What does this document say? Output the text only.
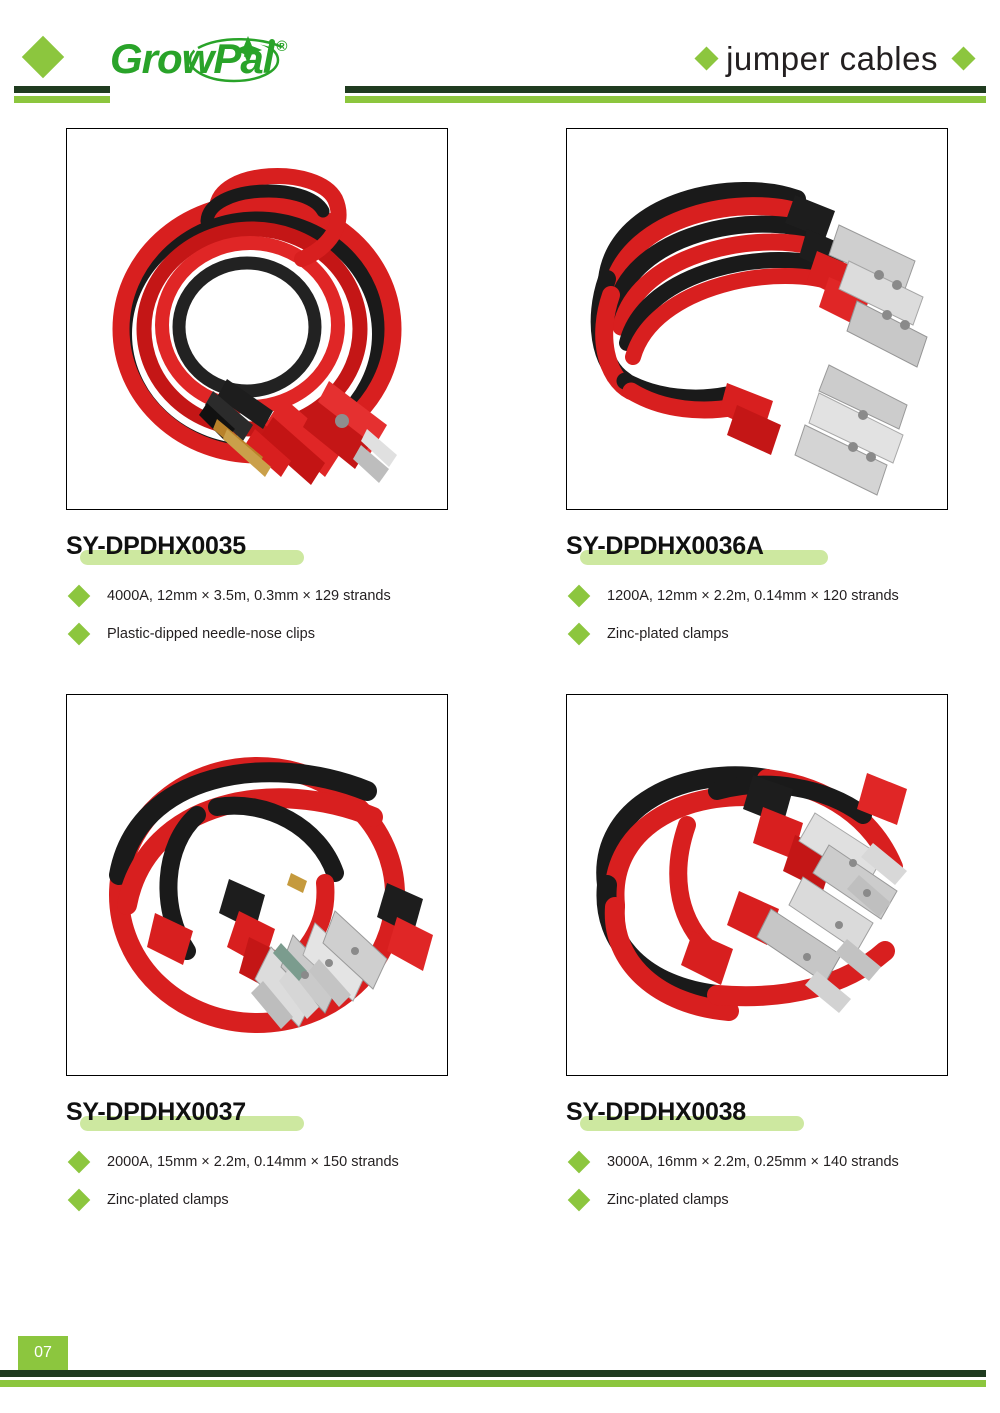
GrowPal ®	jumper cables
SY-DPDHX0035
4000A, 12mm × 3.5m, 0.3mm × 129 strands
Plastic-dipped needle-nose clips
SY-DPDHX0036A
1200A, 12mm × 2.2m, 0.14mm × 120 strands
Zinc-plated clamps
SY-DPDHX0037
2000A, 15mm × 2.2m, 0.14mm × 150 strands
Zinc-plated clamps
SY-DPDHX0038
3000A, 16mm × 2.2m, 0.25mm × 140 strands
Zinc-plated clamps
07
